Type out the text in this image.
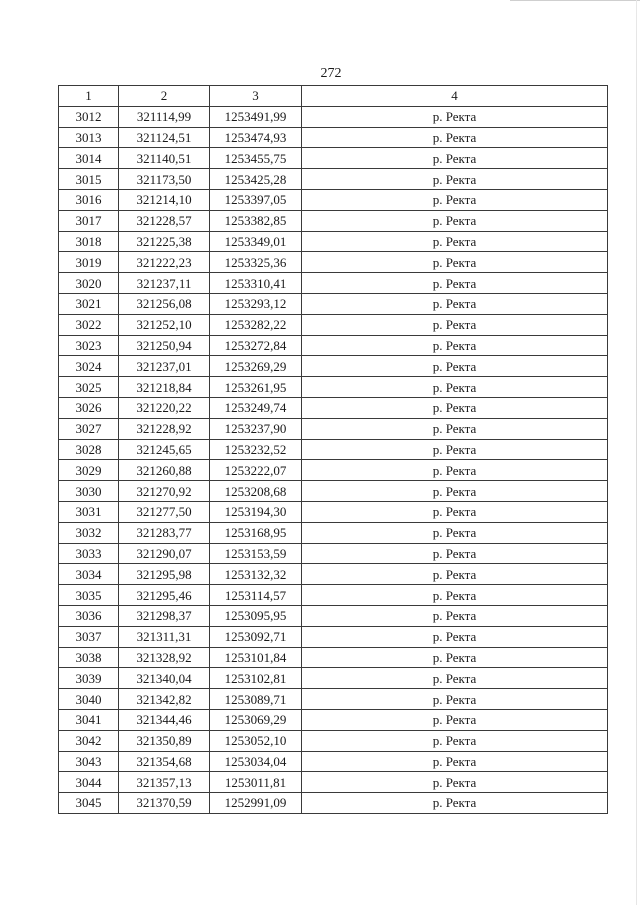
272
1	2	3	4
3012	321114,99	1253491,99	р. Ректа
3013	321124,51	1253474,93	р. Ректа
3014	321140,51	1253455,75	р. Ректа
3015	321173,50	1253425,28	р. Ректа
3016	321214,10	1253397,05	р. Ректа
3017	321228,57	1253382,85	р. Ректа
3018	321225,38	1253349,01	р. Ректа
3019	321222,23	1253325,36	р. Ректа
3020	321237,11	1253310,41	р. Ректа
3021	321256,08	1253293,12	р. Ректа
3022	321252,10	1253282,22	р. Ректа
3023	321250,94	1253272,84	р. Ректа
3024	321237,01	1253269,29	р. Ректа
3025	321218,84	1253261,95	р. Ректа
3026	321220,22	1253249,74	р. Ректа
3027	321228,92	1253237,90	р. Ректа
3028	321245,65	1253232,52	р. Ректа
3029	321260,88	1253222,07	р. Ректа
3030	321270,92	1253208,68	р. Ректа
3031	321277,50	1253194,30	р. Ректа
3032	321283,77	1253168,95	р. Ректа
3033	321290,07	1253153,59	р. Ректа
3034	321295,98	1253132,32	р. Ректа
3035	321295,46	1253114,57	р. Ректа
3036	321298,37	1253095,95	р. Ректа
3037	321311,31	1253092,71	р. Ректа
3038	321328,92	1253101,84	р. Ректа
3039	321340,04	1253102,81	р. Ректа
3040	321342,82	1253089,71	р. Ректа
3041	321344,46	1253069,29	р. Ректа
3042	321350,89	1253052,10	р. Ректа
3043	321354,68	1253034,04	р. Ректа
3044	321357,13	1253011,81	р. Ректа
3045	321370,59	1252991,09	р. Ректа
